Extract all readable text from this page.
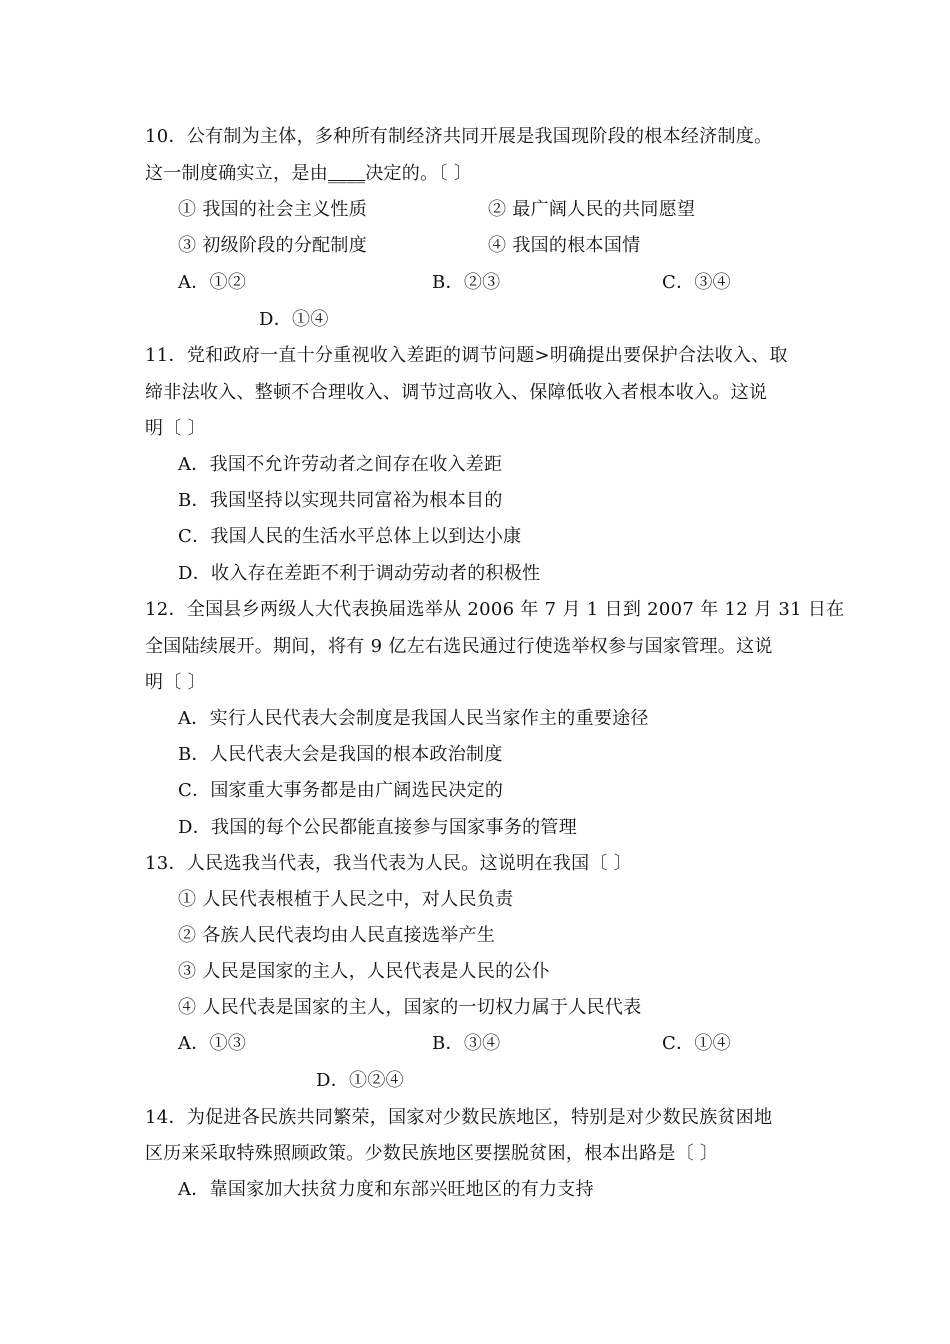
10．公有制为主体，多种所有制经济共同开展是我国现阶段的根本经济制度。
这一制度确实立，是由____决定的。〔 〕
① 我国的社会主义性质	② 最广阔人民的共同愿望
③ 初级阶段的分配制度	④ 我国的根本国情
A．①②	B．②③	C．③④
D．①④
11．党和政府一直十分重视收入差距的调节问题>明确提出要保护合法收入、取
缔非法收入、整顿不合理收入、调节过高收入、保障低收入者根本收入。这说
明〔 〕
A．我国不允许劳动者之间存在收入差距
B．我国坚持以实现共同富裕为根本目的
C．我国人民的生活水平总体上以到达小康
D．收入存在差距不利于调动劳动者的积极性
12．全国县乡两级人大代表换届选举从 2006 年 7 月 1 日到 2007 年 12 月 31 日在
全国陆续展开。期间，将有 9 亿左右选民通过行使选举权参与国家管理。这说
明〔 〕
A．实行人民代表大会制度是我国人民当家作主的重要途径
B．人民代表大会是我国的根本政治制度
C．国家重大事务都是由广阔选民决定的
D．我国的每个公民都能直接参与国家事务的管理
13．人民选我当代表，我当代表为人民。这说明在我国〔 〕
① 人民代表根植于人民之中，对人民负责
② 各族人民代表均由人民直接选举产生
③ 人民是国家的主人，人民代表是人民的公仆
④ 人民代表是国家的主人，国家的一切权力属于人民代表
A．①③	B．③④	C．①④
D．①②④
14．为促进各民族共同繁荣，国家对少数民族地区，特别是对少数民族贫困地
区历来采取特殊照顾政策。少数民族地区要摆脱贫困，根本出路是〔 〕
A．靠国家加大扶贫力度和东部兴旺地区的有力支持
